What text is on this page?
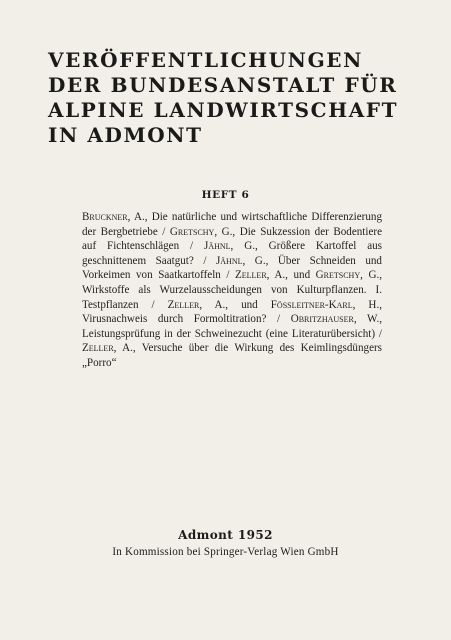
VERÖFFENTLICHUNGEN
DER BUNDESANSTALT FÜR
ALPINE LANDWIRTSCHAFT
IN ADMONT
HEFT 6
Bruckner, A., Die natürliche und wirtschaftliche Differenzierung der Bergbetriebe / Gretschy, G., Die Sukzession der Bodentiere auf Fichtenschlägen / Jähnl, G., Größere Kartoffel aus geschnittenem Saatgut? / Jähnl, G., Über Schneiden und Vorkeimen von Saatkartoffeln / Zeller, A., und Gretschy, G., Wirkstoffe als Wurzelausscheidungen von Kulturpflanzen. I. Testpflanzen / Zeller, A., und Fössleitner-Karl, H., Virusnachweis durch Formoltitration? / Obritzhauser, W., Leistungsprüfung in der Schweinezucht (eine Literaturübersicht) / Zeller, A., Versuche über die Wirkung des Keimlingsdüngers „Porro“
Admont 1952
In Kommission bei Springer-Verlag Wien GmbH
